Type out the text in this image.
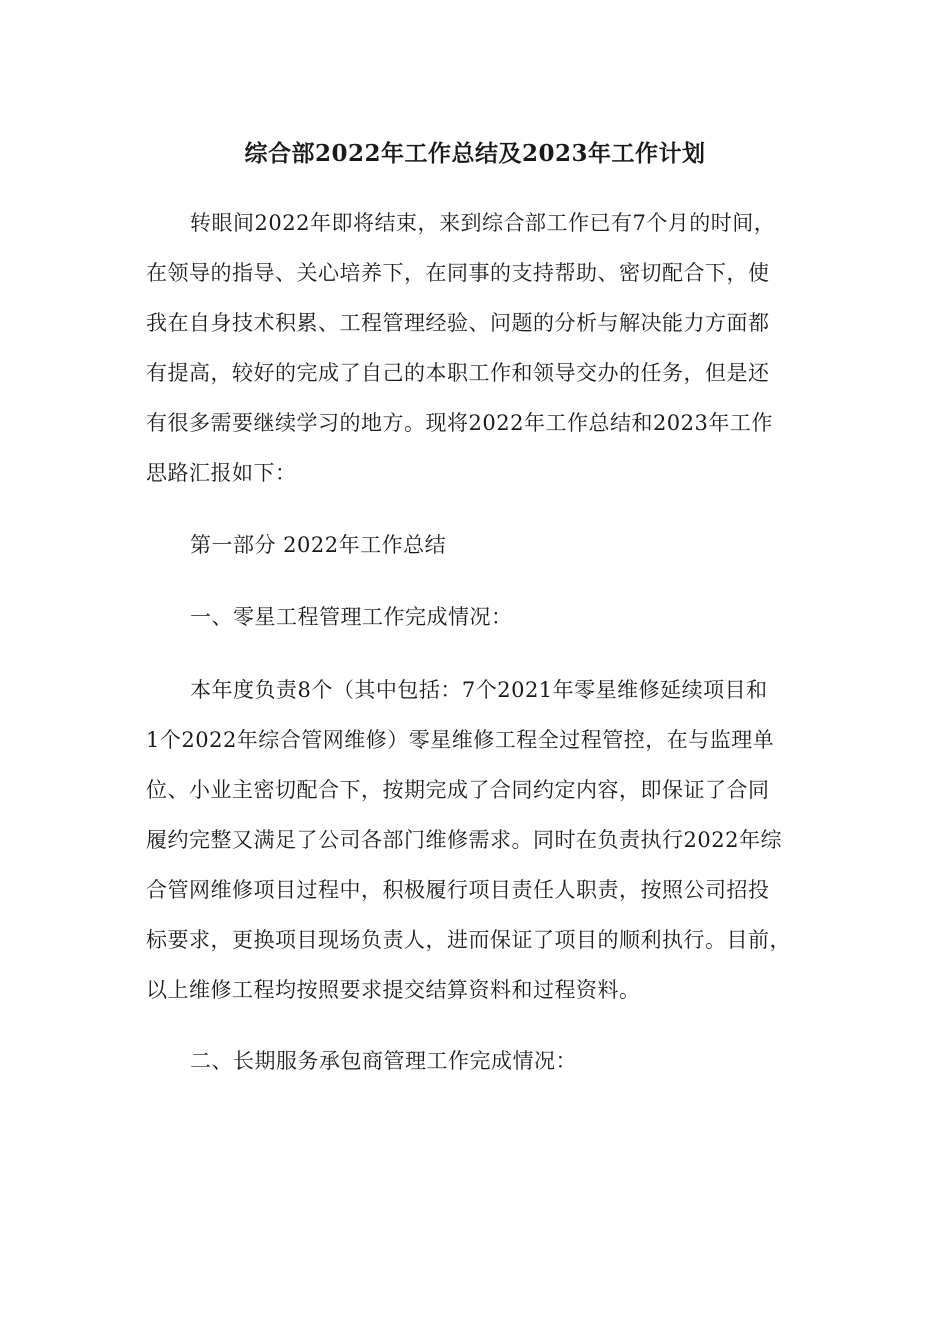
综合部2022年工作总结及2023年工作计划
转眼间2022年即将结束，来到综合部工作已有7个月的时间，
在领导的指导、关心培养下，在同事的支持帮助、密切配合下，使
我在自身技术积累、工程管理经验、问题的分析与解决能力方面都
有提高，较好的完成了自己的本职工作和领导交办的任务，但是还
有很多需要继续学习的地方。现将2022年工作总结和2023年工作
思路汇报如下：
第一部分 2022年工作总结
一、零星工程管理工作完成情况：
本年度负责8个（其中包括：7个2021年零星维修延续项目和
1个2022年综合管网维修）零星维修工程全过程管控，在与监理单
位、小业主密切配合下，按期完成了合同约定内容，即保证了合同
履约完整又满足了公司各部门维修需求。同时在负责执行2022年综
合管网维修项目过程中，积极履行项目责任人职责，按照公司招投
标要求，更换项目现场负责人，进而保证了项目的顺利执行。目前，
以上维修工程均按照要求提交结算资料和过程资料。
二、长期服务承包商管理工作完成情况：
